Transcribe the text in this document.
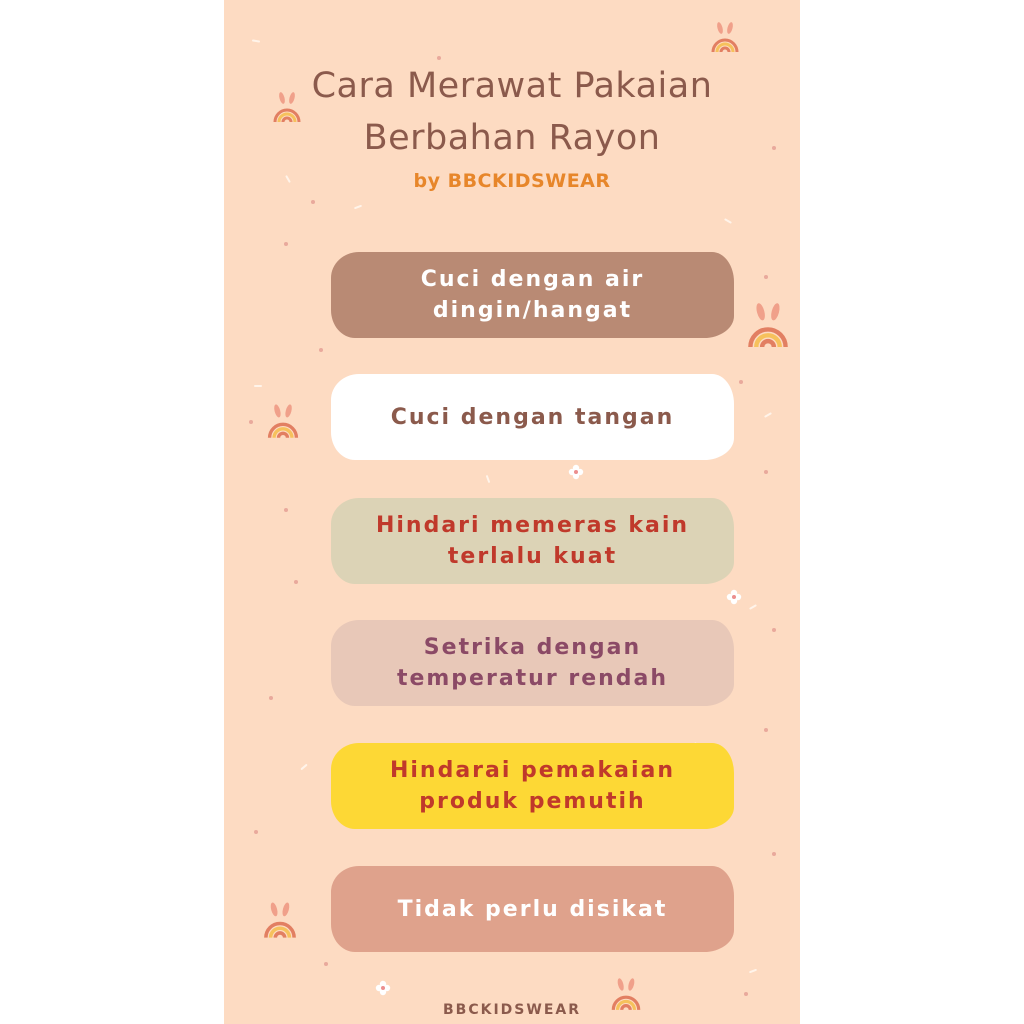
Cara Merawat Pakaian
Berbahan Rayon
by BBCKIDSWEAR
Cuci dengan air
dingin/hangat
Cuci dengan tangan
Hindari memeras kain
terlalu kuat
Setrika dengan
temperatur rendah
Hindarai pemakaian
produk pemutih
Tidak perlu disikat
BBCKIDSWEAR
